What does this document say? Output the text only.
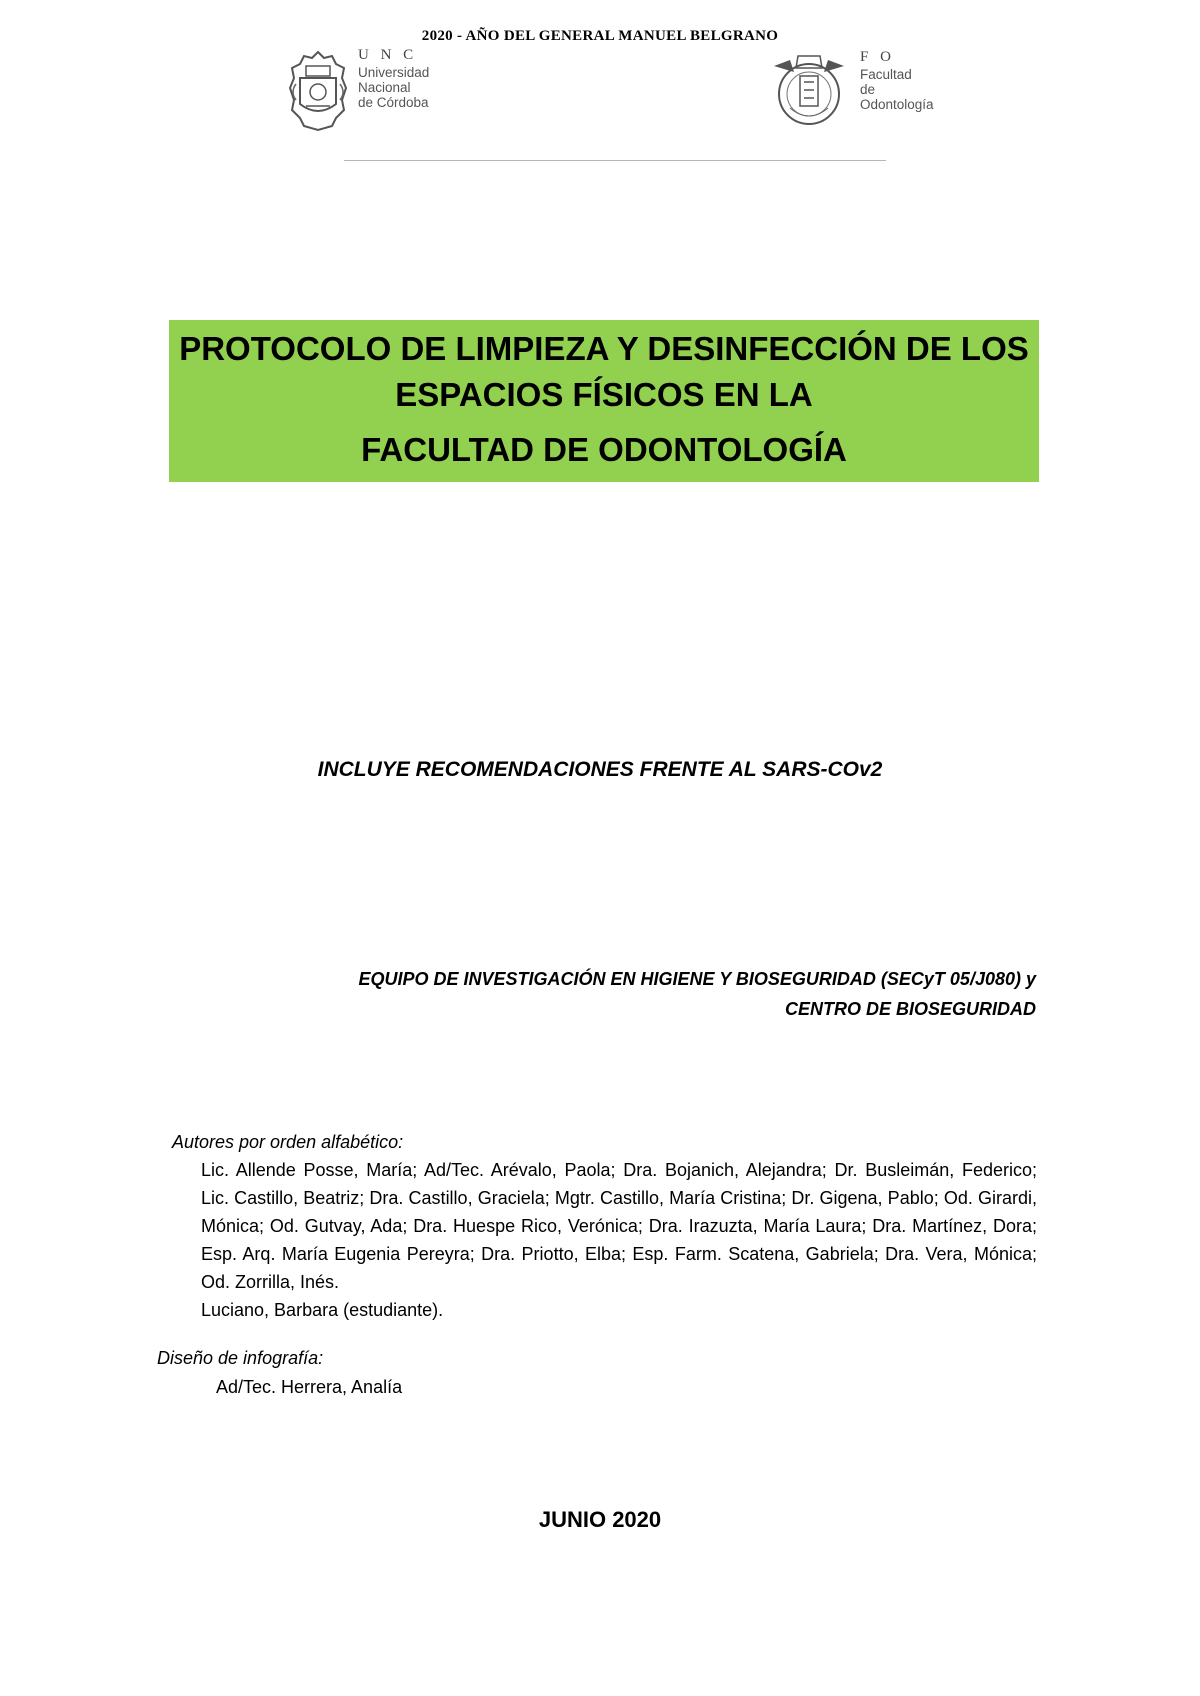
2020 - AÑO DEL GENERAL MANUEL BELGRANO
U N C
Universidad
Nacional
de Córdoba
F O
Facultad
de
Odontología
PROTOCOLO DE LIMPIEZA Y DESINFECCIÓN DE LOS
ESPACIOS FÍSICOS EN LA
FACULTAD DE ODONTOLOGÍA
INCLUYE RECOMENDACIONES FRENTE AL SARS-COv2
EQUIPO DE INVESTIGACIÓN EN HIGIENE Y BIOSEGURIDAD (SECyT 05/J080) y
CENTRO DE BIOSEGURIDAD
Autores por orden alfabético:

Lic. Allende Posse, María; Ad/Tec. Arévalo, Paola; Dra. Bojanich, Alejandra; Dr. Busleimán, Federico; Lic. Castillo, Beatriz; Dra. Castillo, Graciela; Mgtr. Castillo, María Cristina; Dr. Gigena, Pablo; Od. Girardi, Mónica; Od. Gutvay, Ada; Dra. Huespe Rico, Verónica; Dra. Irazuzta, María Laura; Dra. Martínez, Dora; Esp. Arq. María Eugenia Pereyra; Dra. Priotto, Elba; Esp. Farm. Scatena, Gabriela; Dra. Vera, Mónica; Od. Zorrilla, Inés.

Luciano, Barbara (estudiante).

Diseño de infografía:
Ad/Tec. Herrera, Analía
JUNIO 2020
